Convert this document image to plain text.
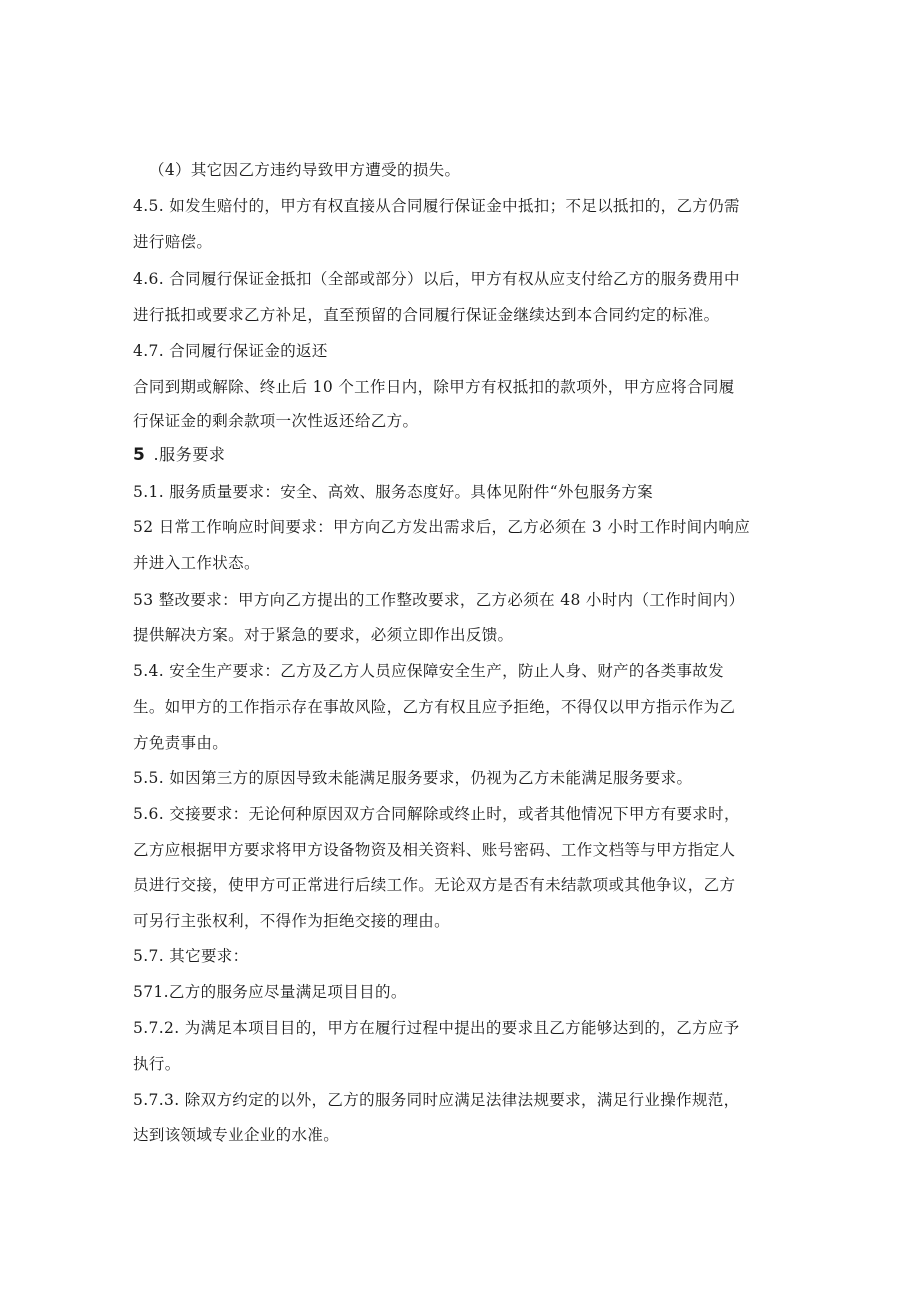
（4）其它因乙方违约导致甲方遭受的损失。
4.5. 如发生赔付的，甲方有权直接从合同履行保证金中抵扣；不足以抵扣的，乙方仍需
进行赔偿。
4.6. 合同履行保证金抵扣（全部或部分）以后，甲方有权从应支付给乙方的服务费用中
进行抵扣或要求乙方补足，直至预留的合同履行保证金继续达到本合同约定的标准。
4.7. 合同履行保证金的返还
合同到期或解除、终止后 10 个工作日内，除甲方有权抵扣的款项外，甲方应将合同履
行保证金的剩余款项一次性返还给乙方。
5 .服务要求
5.1. 服务质量要求：安全、高效、服务态度好。具体见附件“外包服务方案
52 日常工作响应时间要求：甲方向乙方发出需求后，乙方必须在 3 小时工作时间内响应
并进入工作状态。
53 整改要求：甲方向乙方提出的工作整改要求，乙方必须在 48 小时内（工作时间内）
提供解决方案。对于紧急的要求，必须立即作出反馈。
5.4. 安全生产要求：乙方及乙方人员应保障安全生产，防止人身、财产的各类事故发
生。如甲方的工作指示存在事故风险，乙方有权且应予拒绝，不得仅以甲方指示作为乙
方免责事由。
5.5. 如因第三方的原因导致未能满足服务要求，仍视为乙方未能满足服务要求。
5.6. 交接要求：无论何种原因双方合同解除或终止时，或者其他情况下甲方有要求时，
乙方应根据甲方要求将甲方设备物资及相关资料、账号密码、工作文档等与甲方指定人
员进行交接，使甲方可正常进行后续工作。无论双方是否有未结款项或其他争议，乙方
可另行主张权利，不得作为拒绝交接的理由。
5.7. 其它要求：
571.乙方的服务应尽量满足项目目的。
5.7.2. 为满足本项目目的，甲方在履行过程中提出的要求且乙方能够达到的，乙方应予
执行。
5.7.3. 除双方约定的以外，乙方的服务同时应满足法律法规要求，满足行业操作规范，
达到该领域专业企业的水准。
